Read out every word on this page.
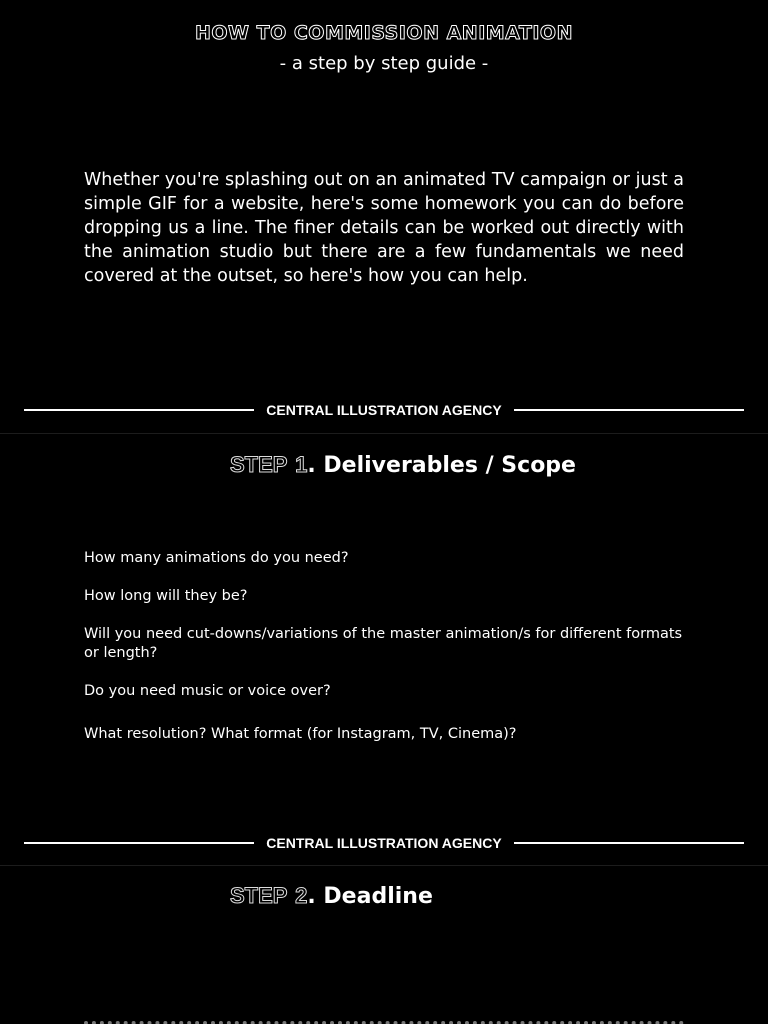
HOW TO COMMISSION ANIMATION

- a step by step guide -

Whether you're splashing out on an animated TV campaign or just a simple GIF for a website, here's some homework you can do before dropping us a line. The finer details can be worked out directly with the animation studio but there are a few fundamentals we need covered at the outset, so here's how you can help.

CENTRAL ILLUSTRATION AGENCY
STEP 1. Deliverables / Scope

How many animations do you need?

How long will they be?

Will you need cut-downs/variations of the master animation/s for different formats or length?

Do you need music or voice over?

What resolution? What format (for Instagram, TV, Cinema)?

CENTRAL ILLUSTRATION AGENCY
STEP 2. Deadline
